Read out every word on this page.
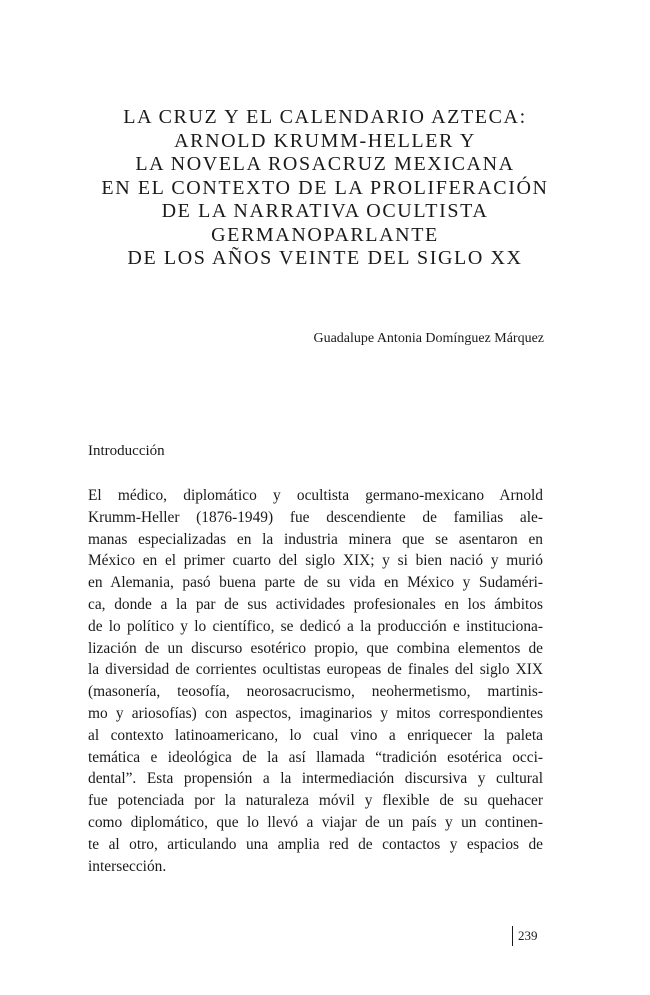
LA CRUZ Y EL CALENDARIO AZTECA:
ARNOLD KRUMM-HELLER Y
LA NOVELA ROSACRUZ MEXICANA
EN EL CONTEXTO DE LA PROLIFERACIÓN
DE LA NARRATIVA OCULTISTA
GERMANOPARLANTE
DE LOS AÑOS VEINTE DEL SIGLO XX
Guadalupe Antonia Domínguez Márquez
Introducción
El médico, diplomático y ocultista germano-mexicano Arnold
Krumm-Heller (1876-1949) fue descendiente de familias ale-
manas especializadas en la industria minera que se asentaron en
México en el primer cuarto del siglo XIX; y si bien nació y murió
en Alemania, pasó buena parte de su vida en México y Sudaméri-
ca, donde a la par de sus actividades profesionales en los ámbitos
de lo político y lo científico, se dedicó a la producción e instituciona-
lización de un discurso esotérico propio, que combina elementos de
la diversidad de corrientes ocultistas europeas de finales del siglo XIX
(masonería, teosofía, neorosacrucismo, neohermetismo, martinis-
mo y ariosofías) con aspectos, imaginarios y mitos correspondientes
al contexto latinoamericano, lo cual vino a enriquecer la paleta
temática e ideológica de la así llamada “tradición esotérica occi-
dental”. Esta propensión a la intermediación discursiva y cultural
fue potenciada por la naturaleza móvil y flexible de su quehacer
como diplomático, que lo llevó a viajar de un país y un continen-
te al otro, articulando una amplia red de contactos y espacios de
intersección.
239
